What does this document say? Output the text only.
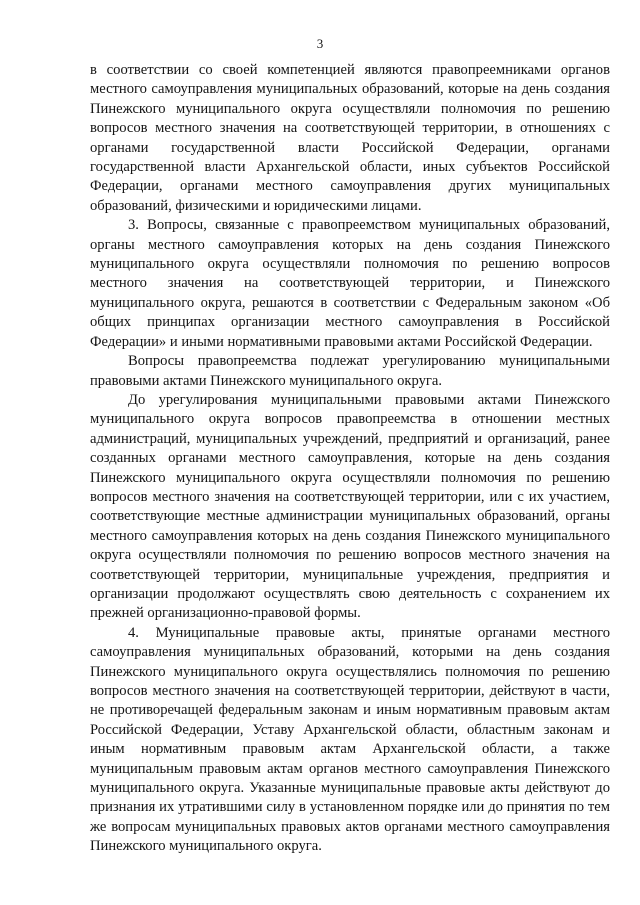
3

в соответствии со своей компетенцией являются правопреемниками органов местного самоуправления муниципальных образований, которые на день создания Пинежского муниципального округа осуществляли полномочия по решению вопросов местного значения на соответствующей территории, в отношениях с органами государственной власти Российской Федерации, органами государственной власти Архангельской области, иных субъектов Российской Федерации, органами местного самоуправления других муниципальных образований, физическими и юридическими лицами.

3. Вопросы, связанные с правопреемством муниципальных образований, органы местного самоуправления которых на день создания Пинежского муниципального округа осуществляли полномочия по решению вопросов местного значения на соответствующей территории, и Пинежского муниципального округа, решаются в соответствии с Федеральным законом «Об общих принципах организации местного самоуправления в Российской Федерации» и иными нормативными правовыми актами Российской Федерации.

Вопросы правопреемства подлежат урегулированию муниципальными правовыми актами Пинежского муниципального округа.

До урегулирования муниципальными правовыми актами Пинежского муниципального округа вопросов правопреемства в отношении местных администраций, муниципальных учреждений, предприятий и организаций, ранее созданных органами местного самоуправления, которые на день создания Пинежского муниципального округа осуществляли полномочия по решению вопросов местного значения на соответствующей территории, или с их участием, соответствующие местные администрации муниципальных образований, органы местного самоуправления которых на день создания Пинежского муниципального округа осуществляли полномочия по решению вопросов местного значения на соответствующей территории, муниципальные учреждения, предприятия и организации продолжают осуществлять свою деятельность с сохранением их прежней организационно-правовой формы.

4. Муниципальные правовые акты, принятые органами местного самоуправления муниципальных образований, которыми на день создания Пинежского муниципального округа осуществлялись полномочия по решению вопросов местного значения на соответствующей территории, действуют в части, не противоречащей федеральным законам и иным нормативным правовым актам Российской Федерации, Уставу Архангельской области, областным законам и иным нормативным правовым актам Архангельской области, а также муниципальным правовым актам органов местного самоуправления Пинежского муниципального округа. Указанные муниципальные правовые акты действуют до признания их утратившими силу в установленном порядке или до принятия по тем же вопросам муниципальных правовых актов органами местного самоуправления Пинежского муниципального округа.
